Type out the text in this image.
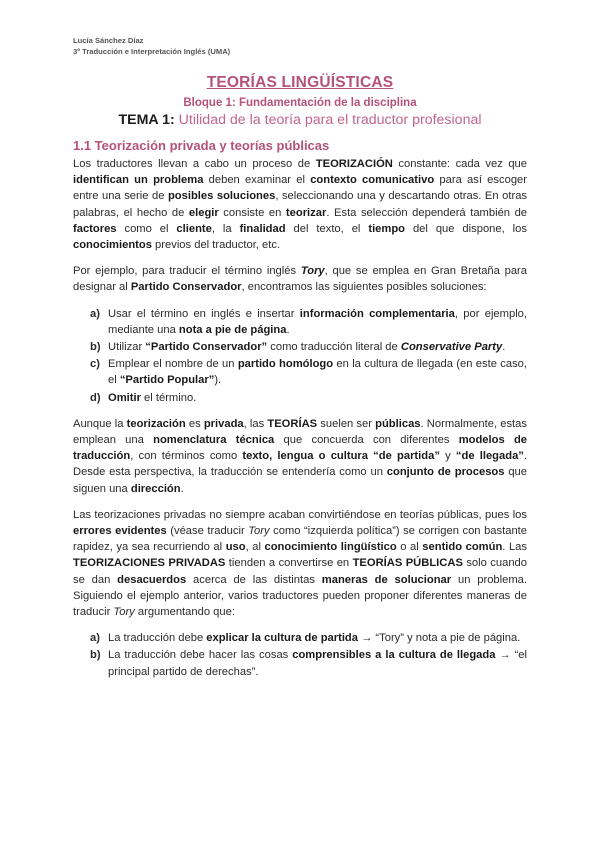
Lucía Sánchez Díaz
3º Traducción e Interpretación Inglés (UMA)
TEORÍAS LINGÜÍSTICAS
Bloque 1: Fundamentación de la disciplina
TEMA 1: Utilidad de la teoría para el traductor profesional
1.1 Teorización privada y teorías públicas

Los traductores llevan a cabo un proceso de TEORIZACIÓN constante: cada vez que identifican un problema deben examinar el contexto comunicativo para así escoger entre una serie de posibles soluciones, seleccionando una y descartando otras. En otras palabras, el hecho de elegir consiste en teorizar. Esta selección dependerá también de factores como el cliente, la finalidad del texto, el tiempo del que dispone, los conocimientos previos del traductor, etc.

Por ejemplo, para traducir el término inglés Tory, que se emplea en Gran Bretaña para designar al Partido Conservador, encontramos las siguientes posibles soluciones:

a) Usar el término en inglés e insertar información complementaria, por ejemplo, mediante una nota a pie de página.
b) Utilizar “Partido Conservador” como traducción literal de Conservative Party.
c) Emplear el nombre de un partido homólogo en la cultura de llegada (en este caso, el “Partido Popular”).
d) Omitir el término.

Aunque la teorización es privada, las TEORÍAS suelen ser públicas. Normalmente, estas emplean una nomenclatura técnica que concuerda con diferentes modelos de traducción, con términos como texto, lengua o cultura “de partida” y “de llegada”. Desde esta perspectiva, la traducción se entendería como un conjunto de procesos que siguen una dirección.

Las teorizaciones privadas no siempre acaban convirtiéndose en teorías públicas, pues los errores evidentes (véase traducir Tory como “izquierda política”) se corrigen con bastante rapidez, ya sea recurriendo al uso, al conocimiento lingüístico o al sentido común. Las TEORIZACIONES PRIVADAS tienden a convertirse en TEORÍAS PÚBLICAS solo cuando se dan desacuerdos acerca de las distintas maneras de solucionar un problema. Siguiendo el ejemplo anterior, varios traductores pueden proponer diferentes maneras de traducir Tory argumentando que:

a) La traducción debe explicar la cultura de partida → “Tory” y nota a pie de página.
b) La traducción debe hacer las cosas comprensibles a la cultura de llegada → “el principal partido de derechas”.
